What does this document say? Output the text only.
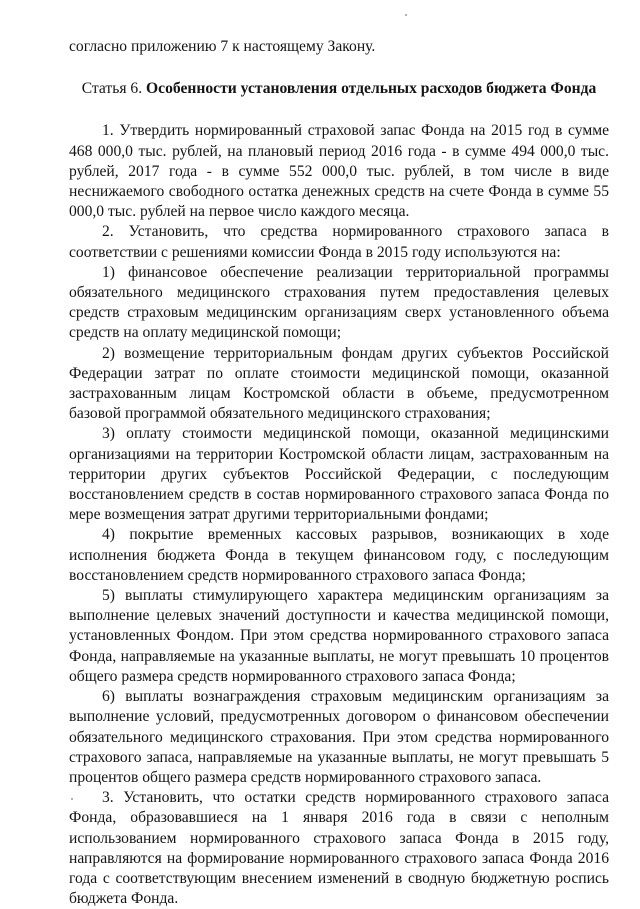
согласно приложению 7 к настоящему Закону.

Статья 6. Особенности установления отдельных расходов бюджета Фонда

1. Утвердить нормированный страховой запас Фонда на 2015 год в сумме 468 000,0 тыс. рублей, на плановый период 2016 года - в сумме 494 000,0 тыс. рублей, 2017 года - в сумме 552 000,0 тыс. рублей, в том числе в виде неснижаемого свободного остатка денежных средств на счете Фонда в сумме 55 000,0 тыс. рублей на первое число каждого месяца.

2. Установить, что средства нормированного страхового запаса в соответствии с решениями комиссии Фонда в 2015 году используются на:

1) финансовое обеспечение реализации территориальной программы обязательного медицинского страхования путем предоставления целевых средств страховым медицинским организациям сверх установленного объема средств на оплату медицинской помощи;

2) возмещение территориальным фондам других субъектов Российской Федерации затрат по оплате стоимости медицинской помощи, оказанной застрахованным лицам Костромской области в объеме, предусмотренном базовой программой обязательного медицинского страхования;

3) оплату стоимости медицинской помощи, оказанной медицинскими организациями на территории Костромской области лицам, застрахованным на территории других субъектов Российской Федерации, с последующим восстановлением средств в состав нормированного страхового запаса Фонда по мере возмещения затрат другими территориальными фондами;

4) покрытие временных кассовых разрывов, возникающих в ходе исполнения бюджета Фонда в текущем финансовом году, с последующим восстановлением средств нормированного страхового запаса Фонда;

5) выплаты стимулирующего характера медицинским организациям за выполнение целевых значений доступности и качества медицинской помощи, установленных Фондом. При этом средства нормированного страхового запаса Фонда, направляемые на указанные выплаты, не могут превышать 10 процентов общего размера средств нормированного страхового запаса Фонда;

6) выплаты вознаграждения страховым медицинским организациям за выполнение условий, предусмотренных договором о финансовом обеспечении обязательного медицинского страхования. При этом средства нормированного страхового запаса, направляемые на указанные выплаты, не могут превышать 5 процентов общего размера средств нормированного страхового запаса.

3. Установить, что остатки средств нормированного страхового запаса Фонда, образовавшиеся на 1 января 2016 года в связи с неполным использованием нормированного страхового запаса Фонда в 2015 году, направляются на формирование нормированного страхового запаса Фонда 2016 года с соответствующим внесением изменений в сводную бюджетную роспись бюджета Фонда.
